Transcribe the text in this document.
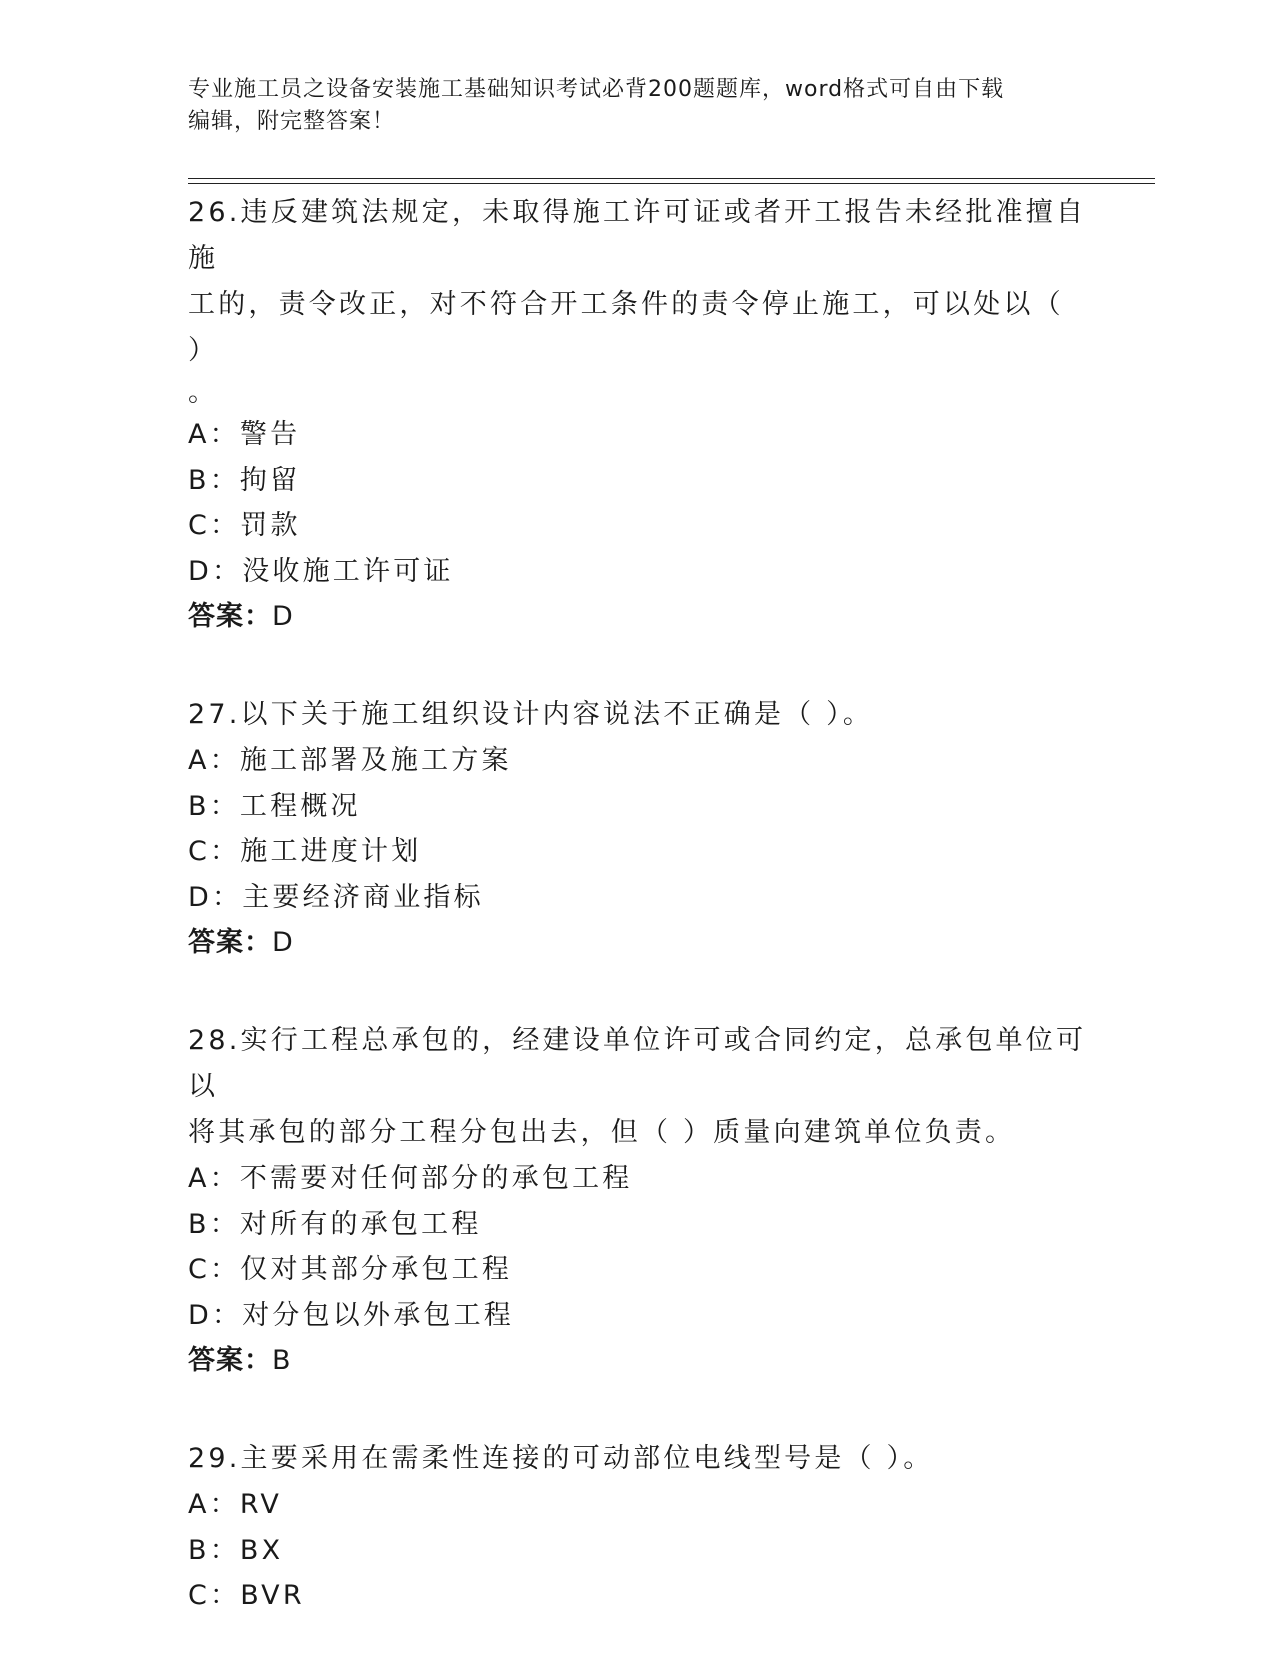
专业施工员之设备安装施工基础知识考试必背200题题库，word格式可自由下载
编辑，附完整答案！

26.违反建筑法规定，未取得施工许可证或者开工报告未经批准擅自施

工的，责令改正，对不符合开工条件的责令停止施工，可以处以（ ）

。

A：警告

B：拘留

C：罚款

D：没收施工许可证

答案：D

27.以下关于施工组织设计内容说法不正确是（ ）。

A：施工部署及施工方案

B：工程概况

C：施工进度计划

D：主要经济商业指标

答案：D

28.实行工程总承包的，经建设单位许可或合同约定，总承包单位可以

将其承包的部分工程分包出去，但（ ）质量向建筑单位负责。

A：不需要对任何部分的承包工程

B：对所有的承包工程

C：仅对其部分承包工程

D：对分包以外承包工程

答案：B

29.主要采用在需柔性连接的可动部位电线型号是（ ）。

A：RV

B：BX

C：BVR
